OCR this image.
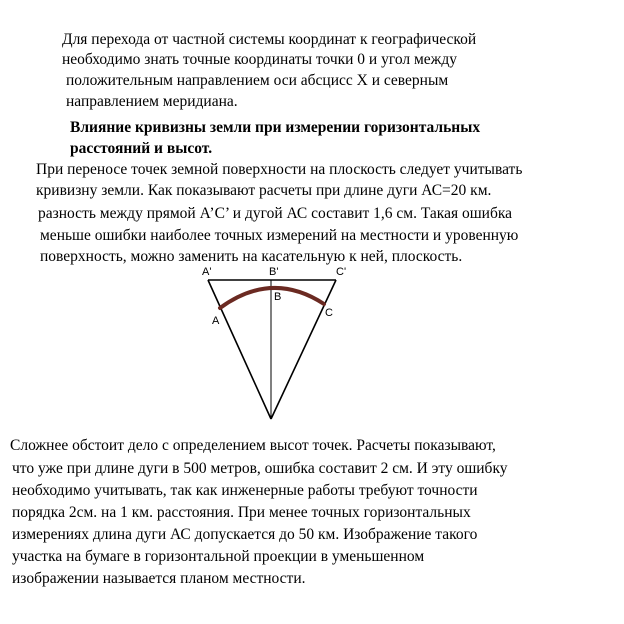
Для перехода от частной системы координат к географической
необходимо знать точные координаты точки 0 и угол между
положительным направлением оси абсцисс Х и северным
направлением меридиана.
Влияние кривизны земли при измерении горизонтальных
расстояний и высот.
При переносе точек земной поверхности на плоскость следует учитывать
кривизну земли. Как показывают расчеты при длине дуги АС=20 км.
разность между прямой А’С’ и дугой АС составит 1,6 см. Такая ошибка
меньше ошибки наиболее точных измерений на местности и уровенную
поверхность, можно заменить на касательную к ней, плоскость.
A'	B'	C'
B
A
C
Сложнее обстоит дело с определением высот точек. Расчеты показывают,
что уже при длине дуги в 500 метров, ошибка составит 2 см. И эту ошибку
необходимо учитывать, так как инженерные работы требуют точности
порядка 2см. на 1 км. расстояния. При менее точных горизонтальных
измерениях длина дуги АС допускается до 50 км. Изображение такого
участка на бумаге в горизонтальной проекции в уменьшенном
изображении называется планом местности.
